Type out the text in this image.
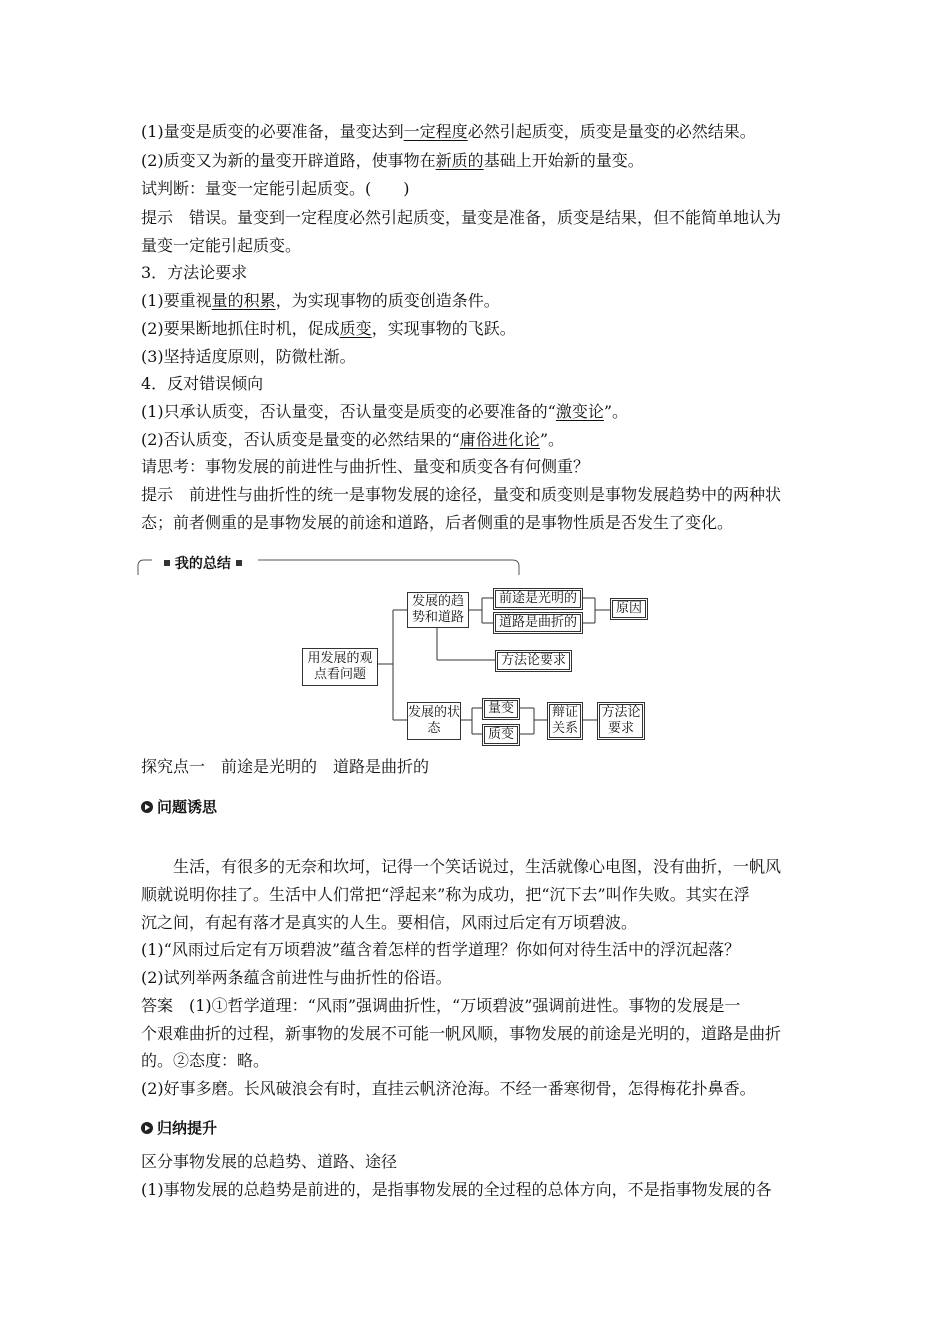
(1)量变是质变的必要准备，量变达到一定程度必然引起质变，质变是量变的必然结果。
(2)质变又为新的量变开辟道路，使事物在新质的基础上开始新的量变。
试判断：量变一定能引起质变。(　　)
提示　错误。量变到一定程度必然引起质变，量变是准备，质变是结果，但不能简单地认为
量变一定能引起质变。
3．方法论要求
(1)要重视量的积累，为实现事物的质变创造条件。
(2)要果断地抓住时机，促成质变，实现事物的飞跃。
(3)坚持适度原则，防微杜渐。
4．反对错误倾向
(1)只承认质变，否认量变，否认量变是质变的必要准备的“激变论”。
(2)否认质变，否认质变是量变的必然结果的“庸俗进化论”。
请思考：事物发展的前进性与曲折性、量变和质变各有何侧重？
提示　前进性与曲折性的统一是事物发展的途径，量变和质变则是事物发展趋势中的两种状
态；前者侧重的是事物发展的前途和道路，后者侧重的是事物性质是否发生了变化。
我的总结
用发展的观点看问题
发展的趋势和道路
前途是光明的
道路是曲折的
原因
方法论要求
发展的状态
量变
质变
辩证关系
方法论要求
探究点一　前途是光明的　道路是曲折的
问题诱思
生活，有很多的无奈和坎坷，记得一个笑话说过，生活就像心电图，没有曲折，一帆风
顺就说明你挂了。生活中人们常把“浮起来”称为成功，把“沉下去”叫作失败。其实在浮
沉之间，有起有落才是真实的人生。要相信，风雨过后定有万顷碧波。
(1)“风雨过后定有万顷碧波”蕴含着怎样的哲学道理？你如何对待生活中的浮沉起落？
(2)试列举两条蕴含前进性与曲折性的俗语。
答案　(1)①哲学道理：“风雨”强调曲折性，“万顷碧波”强调前进性。事物的发展是一
个艰难曲折的过程，新事物的发展不可能一帆风顺，事物发展的前途是光明的，道路是曲折
的。②态度：略。
(2)好事多磨。长风破浪会有时，直挂云帆济沧海。不经一番寒彻骨，怎得梅花扑鼻香。
归纳提升
区分事物发展的总趋势、道路、途径
(1)事物发展的总趋势是前进的，是指事物发展的全过程的总体方向，不是指事物发展的各
